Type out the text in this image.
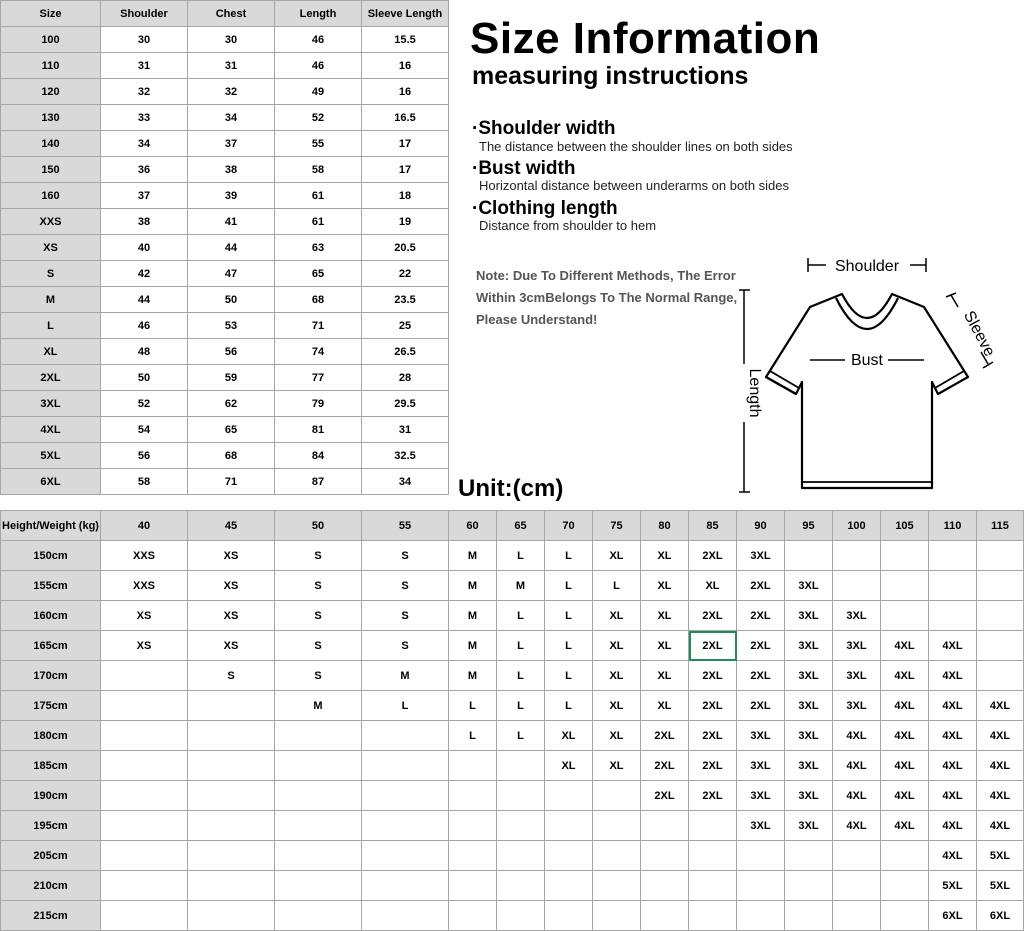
Size	Shoulder	Chest	Length	Sleeve Length
100	30	30	46	15.5
110	31	31	46	16
120	32	32	49	16
130	33	34	52	16.5
140	34	37	55	17
150	36	38	58	17
160	37	39	61	18
XXS	38	41	61	19
XS	40	44	63	20.5
S	42	47	65	22
M	44	50	68	23.5
L	46	53	71	25
XL	48	56	74	26.5
2XL	50	59	77	28
3XL	52	62	79	29.5
4XL	54	65	81	31
5XL	56	68	84	32.5
6XL	58	71	87	34
Size Information
measuring instructions
·Shoulder width
The distance between the shoulder lines on both sides
·Bust width
Horizontal distance between underarms on both sides
·Clothing length
Distance from shoulder to hem
Note: Due To Different Methods, The Error
Within 3cmBelongs To The Normal Range,
Please Understand!
Shoulder
Bust
Length
Sleeve
Unit:(cm)
Height/Weight (kg)	40	45	50	55	60	65	70	75	80	85	90	95	100	105	110	115
150cm	XXS	XS	S	S	M	L	L	XL	XL	2XL	3XL					
155cm	XXS	XS	S	S	M	M	L	L	XL	XL	2XL	3XL				
160cm	XS	XS	S	S	M	L	L	XL	XL	2XL	2XL	3XL	3XL			
165cm	XS	XS	S	S	M	L	L	XL	XL	2XL	2XL	3XL	3XL	4XL	4XL	
170cm		S	S	M	M	L	L	XL	XL	2XL	2XL	3XL	3XL	4XL	4XL	
175cm			M	L	L	L	L	XL	XL	2XL	2XL	3XL	3XL	4XL	4XL	4XL
180cm					L	L	XL	XL	2XL	2XL	3XL	3XL	4XL	4XL	4XL	4XL
185cm							XL	XL	2XL	2XL	3XL	3XL	4XL	4XL	4XL	4XL
190cm									2XL	2XL	3XL	3XL	4XL	4XL	4XL	4XL
195cm											3XL	3XL	4XL	4XL	4XL	4XL
205cm															4XL	5XL
210cm															5XL	5XL
215cm															6XL	6XL
